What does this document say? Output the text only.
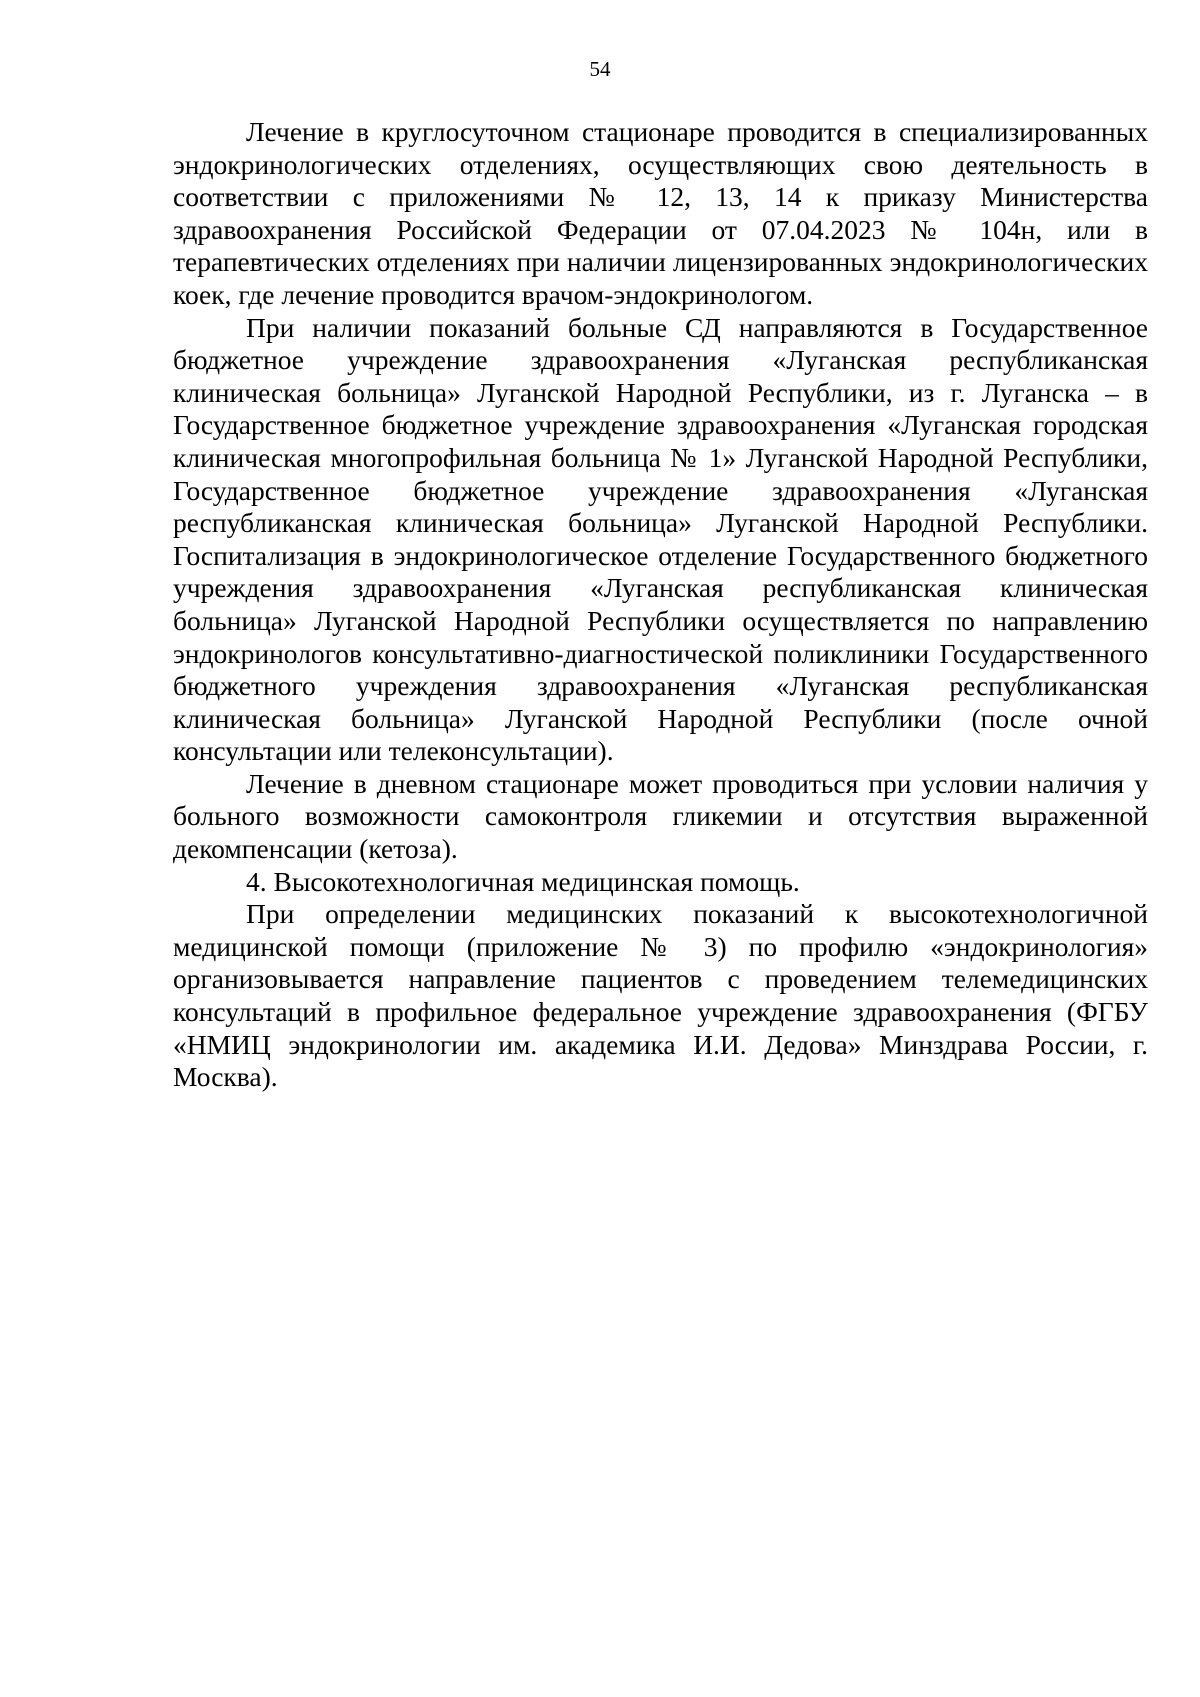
54

Лечение в круглосуточном стационаре проводится в специализированных эндокринологических отделениях, осуществляющих свою деятельность в соответствии с приложениями № 12, 13, 14 к приказу Министерства здравоохранения Российской Федерации от 07.04.2023 № 104н, или в терапевтических отделениях при наличии лицензированных эндокринологических коек, где лечение проводится врачом-эндокринологом.

При наличии показаний больные СД направляются в Государственное бюджетное учреждение здравоохранения «Луганская республиканская клиническая больница» Луганской Народной Республики, из г. Луганска – в Государственное бюджетное учреждение здравоохранения «Луганская городская клиническая многопрофильная больница № 1» Луганской Народной Республики, Государственное бюджетное учреждение здравоохранения «Луганская республиканская клиническая больница» Луганской Народной Республики. Госпитализация в эндокринологическое отделение Государственного бюджетного учреждения здравоохранения «Луганская республиканская клиническая больница» Луганской Народной Республики осуществляется по направлению эндокринологов консультативно-диагностической поликлиники Государственного бюджетного учреждения здравоохранения «Луганская республиканская клиническая больница» Луганской Народной Республики (после очной консультации или телеконсультации).

Лечение в дневном стационаре может проводиться при условии наличия у больного возможности самоконтроля гликемии и отсутствия выраженной декомпенсации (кетоза).

4. Высокотехнологичная медицинская помощь.

При определении медицинских показаний к высокотехнологичной медицинской помощи (приложение № 3) по профилю «эндокринология» организовывается направление пациентов с проведением телемедицинских консультаций в профильное федеральное учреждение здравоохранения (ФГБУ «НМИЦ эндокринологии им. академика И.И. Дедова» Минздрава России, г. Москва).
